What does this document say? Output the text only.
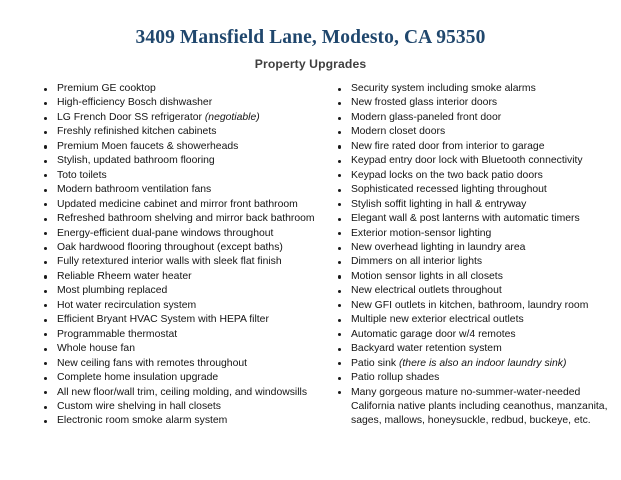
3409 Mansfield Lane, Modesto, CA 95350
Property Upgrades
Premium GE cooktop
High-efficiency Bosch dishwasher
LG French Door SS refrigerator (negotiable)
Freshly refinished kitchen cabinets
Premium Moen faucets & showerheads
Stylish, updated bathroom flooring
Toto toilets
Modern bathroom ventilation fans
Updated medicine cabinet and mirror front bathroom
Refreshed bathroom shelving and mirror back bathroom
Energy-efficient dual-pane windows throughout
Oak hardwood flooring throughout (except baths)
Fully retextured interior walls with sleek flat finish
Reliable Rheem water heater
Most plumbing replaced
Hot water recirculation system
Efficient Bryant HVAC System with HEPA filter
Programmable thermostat
Whole house fan
New ceiling fans with remotes throughout
Complete home insulation upgrade
All new floor/wall trim, ceiling molding, and windowsills
Custom wire shelving in hall closets
Electronic room smoke alarm system
Security system including smoke alarms
New frosted glass interior doors
Modern glass-paneled front door
Modern closet doors
New fire rated door from interior to garage
Keypad entry door lock with Bluetooth connectivity
Keypad locks on the two back patio doors
Sophisticated recessed lighting throughout
Stylish soffit lighting in hall & entryway
Elegant wall & post lanterns with automatic timers
Exterior motion-sensor lighting
New overhead lighting in laundry area
Dimmers on all interior lights
Motion sensor lights in all closets
New electrical outlets throughout
New GFI outlets in kitchen, bathroom, laundry room
Multiple new exterior electrical outlets
Automatic garage door w/4 remotes
Backyard water retention system
Patio sink (there is also an indoor laundry sink)
Patio rollup shades
Many gorgeous mature no-summer-water-needed California native plants including ceanothus, manzanita, sages, mallows, honeysuckle, redbud, buckeye, etc.
